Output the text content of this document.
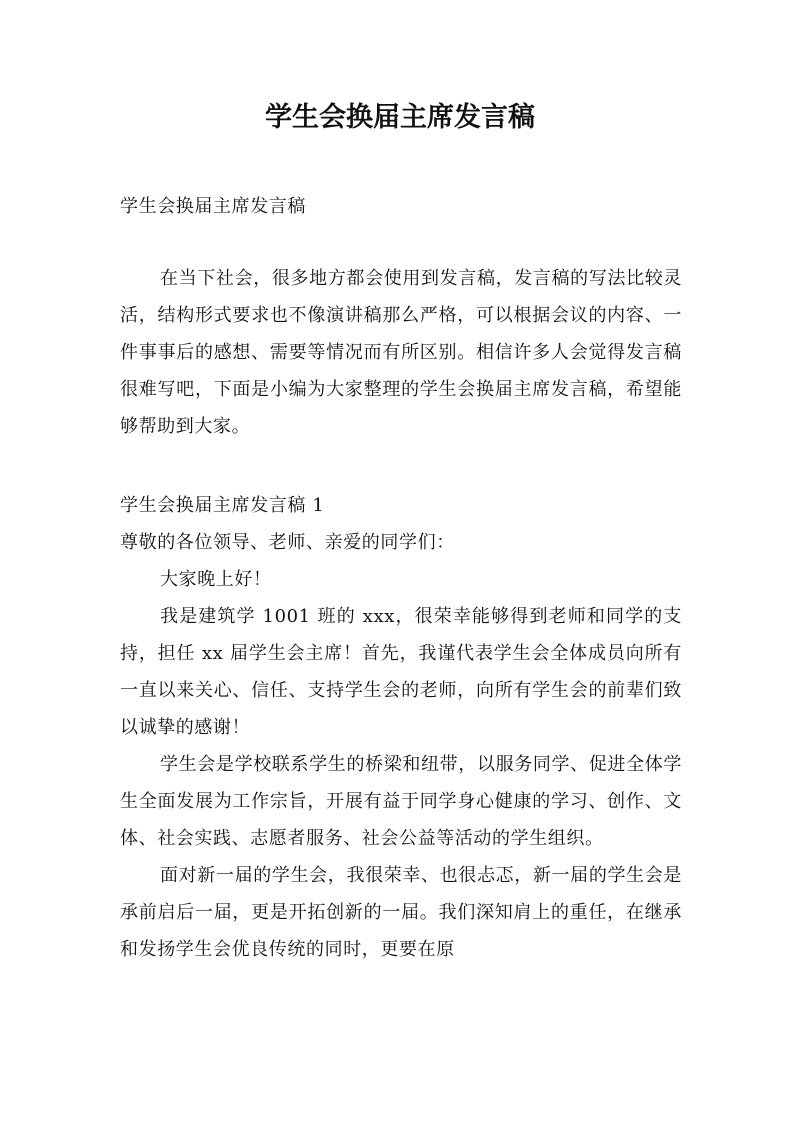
学生会换届主席发言稿
学生会换届主席发言稿

在当下社会，很多地方都会使用到发言稿，发言稿的写法比较灵活，结构形式要求也不像演讲稿那么严格，可以根据会议的内容、一件事事后的感想、需要等情况而有所区别。相信许多人会觉得发言稿很难写吧，下面是小编为大家整理的学生会换届主席发言稿，希望能够帮助到大家。

学生会换届主席发言稿 1

尊敬的各位领导、老师、亲爱的同学们：

大家晚上好！

我是建筑学 1001 班的 xxx，很荣幸能够得到老师和同学的支持，担任 xx 届学生会主席！首先，我谨代表学生会全体成员向所有一直以来关心、信任、支持学生会的老师，向所有学生会的前辈们致以诚挚的感谢！

学生会是学校联系学生的桥梁和纽带，以服务同学、促进全体学生全面发展为工作宗旨，开展有益于同学身心健康的学习、创作、文体、社会实践、志愿者服务、社会公益等活动的学生组织。

面对新一届的学生会，我很荣幸、也很忐忑，新一届的学生会是承前启后一届，更是开拓创新的一届。我们深知肩上的重任，在继承和发扬学生会优良传统的同时，更要在原
